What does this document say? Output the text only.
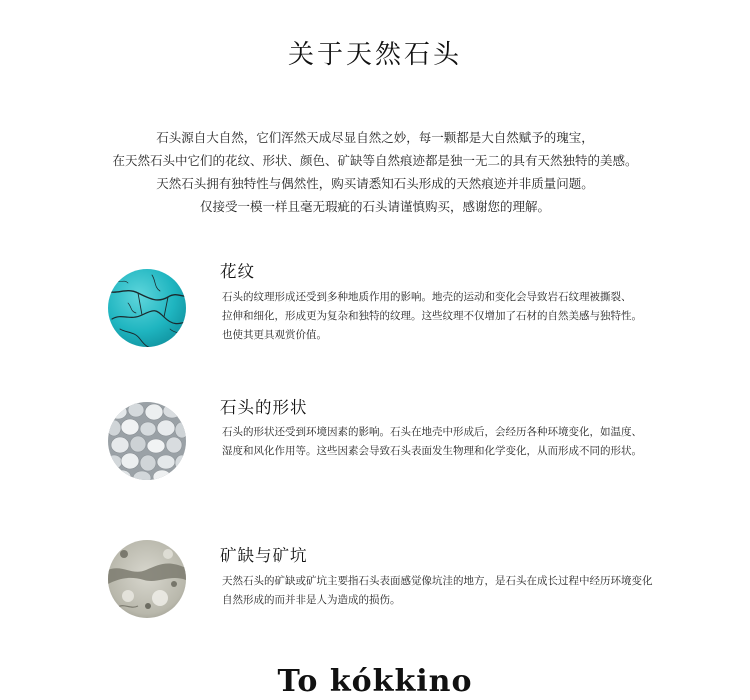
关于天然石头
石头源自大自然，它们浑然天成尽显自然之妙，每一颗都是大自然赋予的瑰宝，
在天然石头中它们的花纹、形状、颜色、矿缺等自然痕迹都是独一无二的具有天然独特的美感。
天然石头拥有独特性与偶然性，购买请悉知石头形成的天然痕迹并非质量问题。
仅接受一模一样且毫无瑕疵的石头请谨慎购买，感谢您的理解。
花纹
石头的纹理形成还受到多种地质作用的影响。地壳的运动和变化会导致岩石纹理被撕裂、
拉伸和细化，形成更为复杂和独特的纹理。这些纹理不仅增加了石材的自然美感与独特性。
也使其更具观赏价值。
石头的形状
石头的形状还受到环境因素的影响。石头在地壳中形成后，会经历各种环境变化，如温度、
湿度和风化作用等。这些因素会导致石头表面发生物理和化学变化，从而形成不同的形状。
矿缺与矿坑
天然石头的矿缺或矿坑主要指石头表面感觉像坑洼的地方，是石头在成长过程中经历环境变化
自然形成的而并非是人为造成的损伤。
To kókkino
